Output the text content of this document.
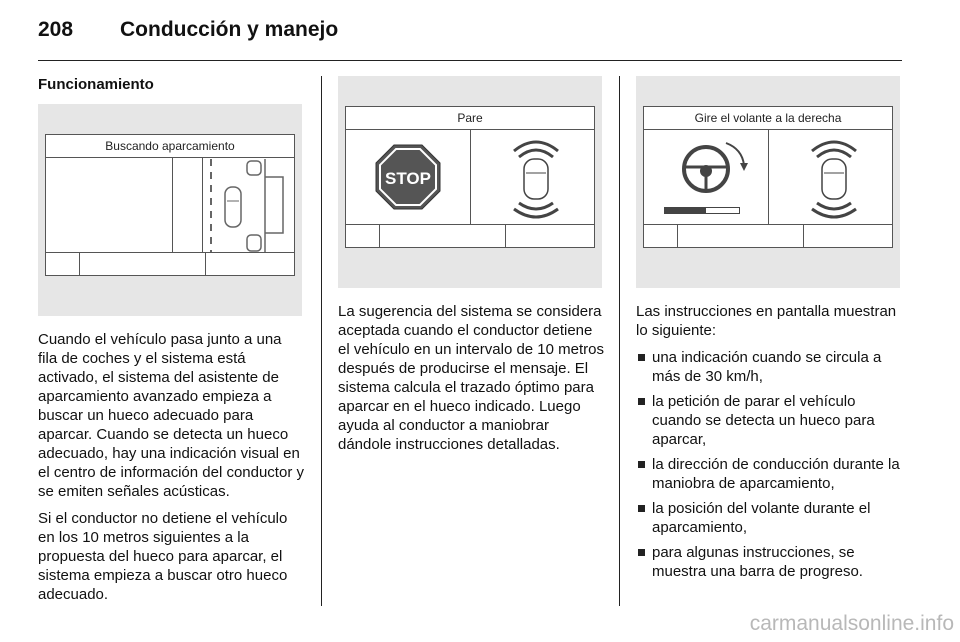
208 Conducción y manejo
Funcionamiento
Buscando aparcamiento

Cuando el vehículo pasa junto a una fila de coches y el sistema está activado, el sistema del asistente de aparcamiento avanzado empieza a buscar un hueco adecuado para aparcar. Cuando se detecta un hueco adecuado, hay una indicación visual en el centro de información del conductor y se emiten señales acústicas.

Si el conductor no detiene el vehículo en los 10 metros siguientes a la propuesta del hueco para aparcar, el sistema empieza a buscar otro hueco adecuado.

Pare
STOP

La sugerencia del sistema se considera aceptada cuando el conductor detiene el vehículo en un intervalo de 10 metros después de producirse el mensaje. El sistema calcula el trazado óptimo para aparcar en el hueco indicado. Luego ayuda al conductor a maniobrar dándole instrucciones detalladas.

Gire el volante a la derecha

Las instrucciones en pantalla muestran lo siguiente:

una indicación cuando se circula a más de 30 km/h,
la petición de parar el vehículo cuando se detecta un hueco para aparcar,
la dirección de conducción durante la maniobra de aparcamiento,
la posición del volante durante el aparcamiento,
para algunas instrucciones, se muestra una barra de progreso.
carmanualsonline.info
